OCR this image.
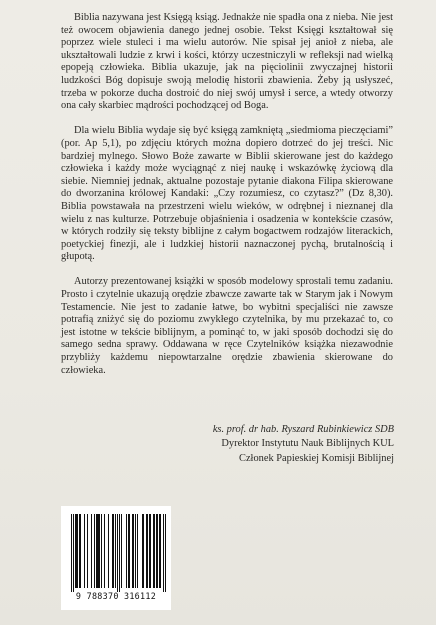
Biblia nazywana jest Księgą ksiąg. Jednakże nie spadła ona z nieba. Nie jest też owocem objawienia danego jednej osobie. Tekst Księgi kształtował się poprzez wiele stuleci i ma wielu autorów. Nie spisał jej anioł z nieba, ale ukształtowali ludzie z krwi i kości, którzy uczestniczyli w refleksji nad wielką epopeją człowieka. Biblia ukazuje, jak na pięciolinii zwyczajnej historii ludzkości Bóg dopisuje swoją melodię historii zbawienia. Żeby ją usłyszeć, trzeba w pokorze ducha dostroić do niej swój umysł i serce, a wtedy otworzy ona cały skarbiec mądrości pochodzącej od Boga.

Dla wielu Biblia wydaje się być księgą zamkniętą „siedmioma pieczęciami” (por. Ap 5,1), po zdjęciu których można dopiero dotrzeć do jej treści. Nic bardziej mylnego. Słowo Boże zawarte w Biblii skierowane jest do każdego człowieka i każdy może wyciągnąć z niej naukę i wskazówkę życiową dla siebie. Niemniej jednak, aktualne pozostaje pytanie diakona Filipa skierowane do dworzanina królowej Kandaki: „Czy rozumiesz, co czytasz?” (Dz 8,30). Biblia powstawała na przestrzeni wielu wieków, w odrębnej i nieznanej dla wielu z nas kulturze. Potrzebuje objaśnienia i osadzenia w kontekście czasów, w których rodziły się teksty biblijne z całym bogactwem rodzajów literackich, poetyckiej finezji, ale i ludzkiej historii naznaczonej pychą, brutalnością i głupotą.

Autorzy prezentowanej książki w sposób modelowy sprostali temu zadaniu. Prosto i czytelnie ukazują orędzie zbawcze zawarte tak w Starym jak i Nowym Testamencie. Nie jest to zadanie łatwe, bo wybitni specjaliści nie zawsze potrafią zniżyć się do poziomu zwykłego czytelnika, by mu przekazać to, co jest istotne w tekście biblijnym, a pominąć to, w jaki sposób dochodzi się do samego sedna sprawy. Oddawana w ręce Czytelników książka niezawodnie przybliży każdemu niepowtarzalne orędzie zbawienia skierowane do człowieka.

ks. prof. dr hab. Ryszard Rubinkiewicz SDB
Dyrektor Instytutu Nauk Biblijnych KUL
Członek Papieskiej Komisji Biblijnej
9 788370 316112
